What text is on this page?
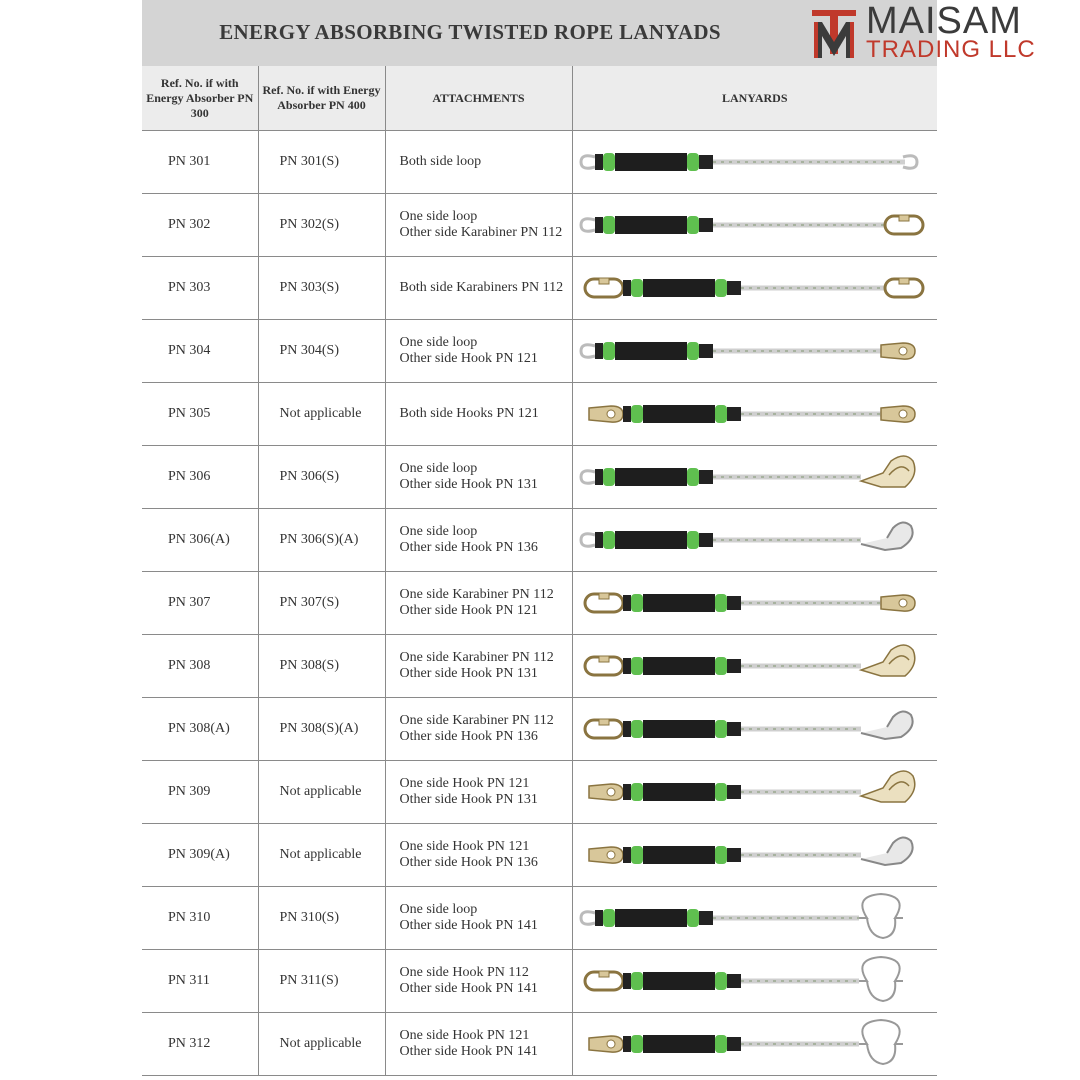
ENERGY ABSORBING TWISTED ROPE LANYADS	MAISAM
TRADING LLC
Ref. No. if with Energy Absorber PN 300	Ref. No. if with Energy Absorber PN 400	ATTACHMENTS	LANYARDS
PN 301	PN 301(S)	Both side loop

PN 302	PN 302(S)	One side loop
Other side Karabiner PN 112

PN 303	PN 303(S)	Both side Karabiners PN 112

PN 304	PN 304(S)	One side loop
Other side Hook PN 121

PN 305	Not applicable	Both side Hooks PN 121

PN 306	PN 306(S)	One side loop
Other side Hook PN 131

PN 306(A)	PN 306(S)(A)	One side loop
Other side Hook PN 136

PN 307	PN 307(S)	One side Karabiner PN 112
Other side Hook PN 121

PN 308	PN 308(S)	One side Karabiner PN 112
Other side Hook PN 131

PN 308(A)	PN 308(S)(A)	One side Karabiner PN 112
Other side Hook PN 136

PN 309	Not applicable	One side Hook PN 121
Other side Hook PN 131

PN 309(A)	Not applicable	One side Hook PN 121
Other side Hook PN 136

PN 310	PN 310(S)	One side loop
Other side Hook PN 141

PN 311	PN 311(S)	One side Hook PN 112
Other side Hook PN 141

PN 312	Not applicable	One side Hook PN 121
Other side Hook PN 141
